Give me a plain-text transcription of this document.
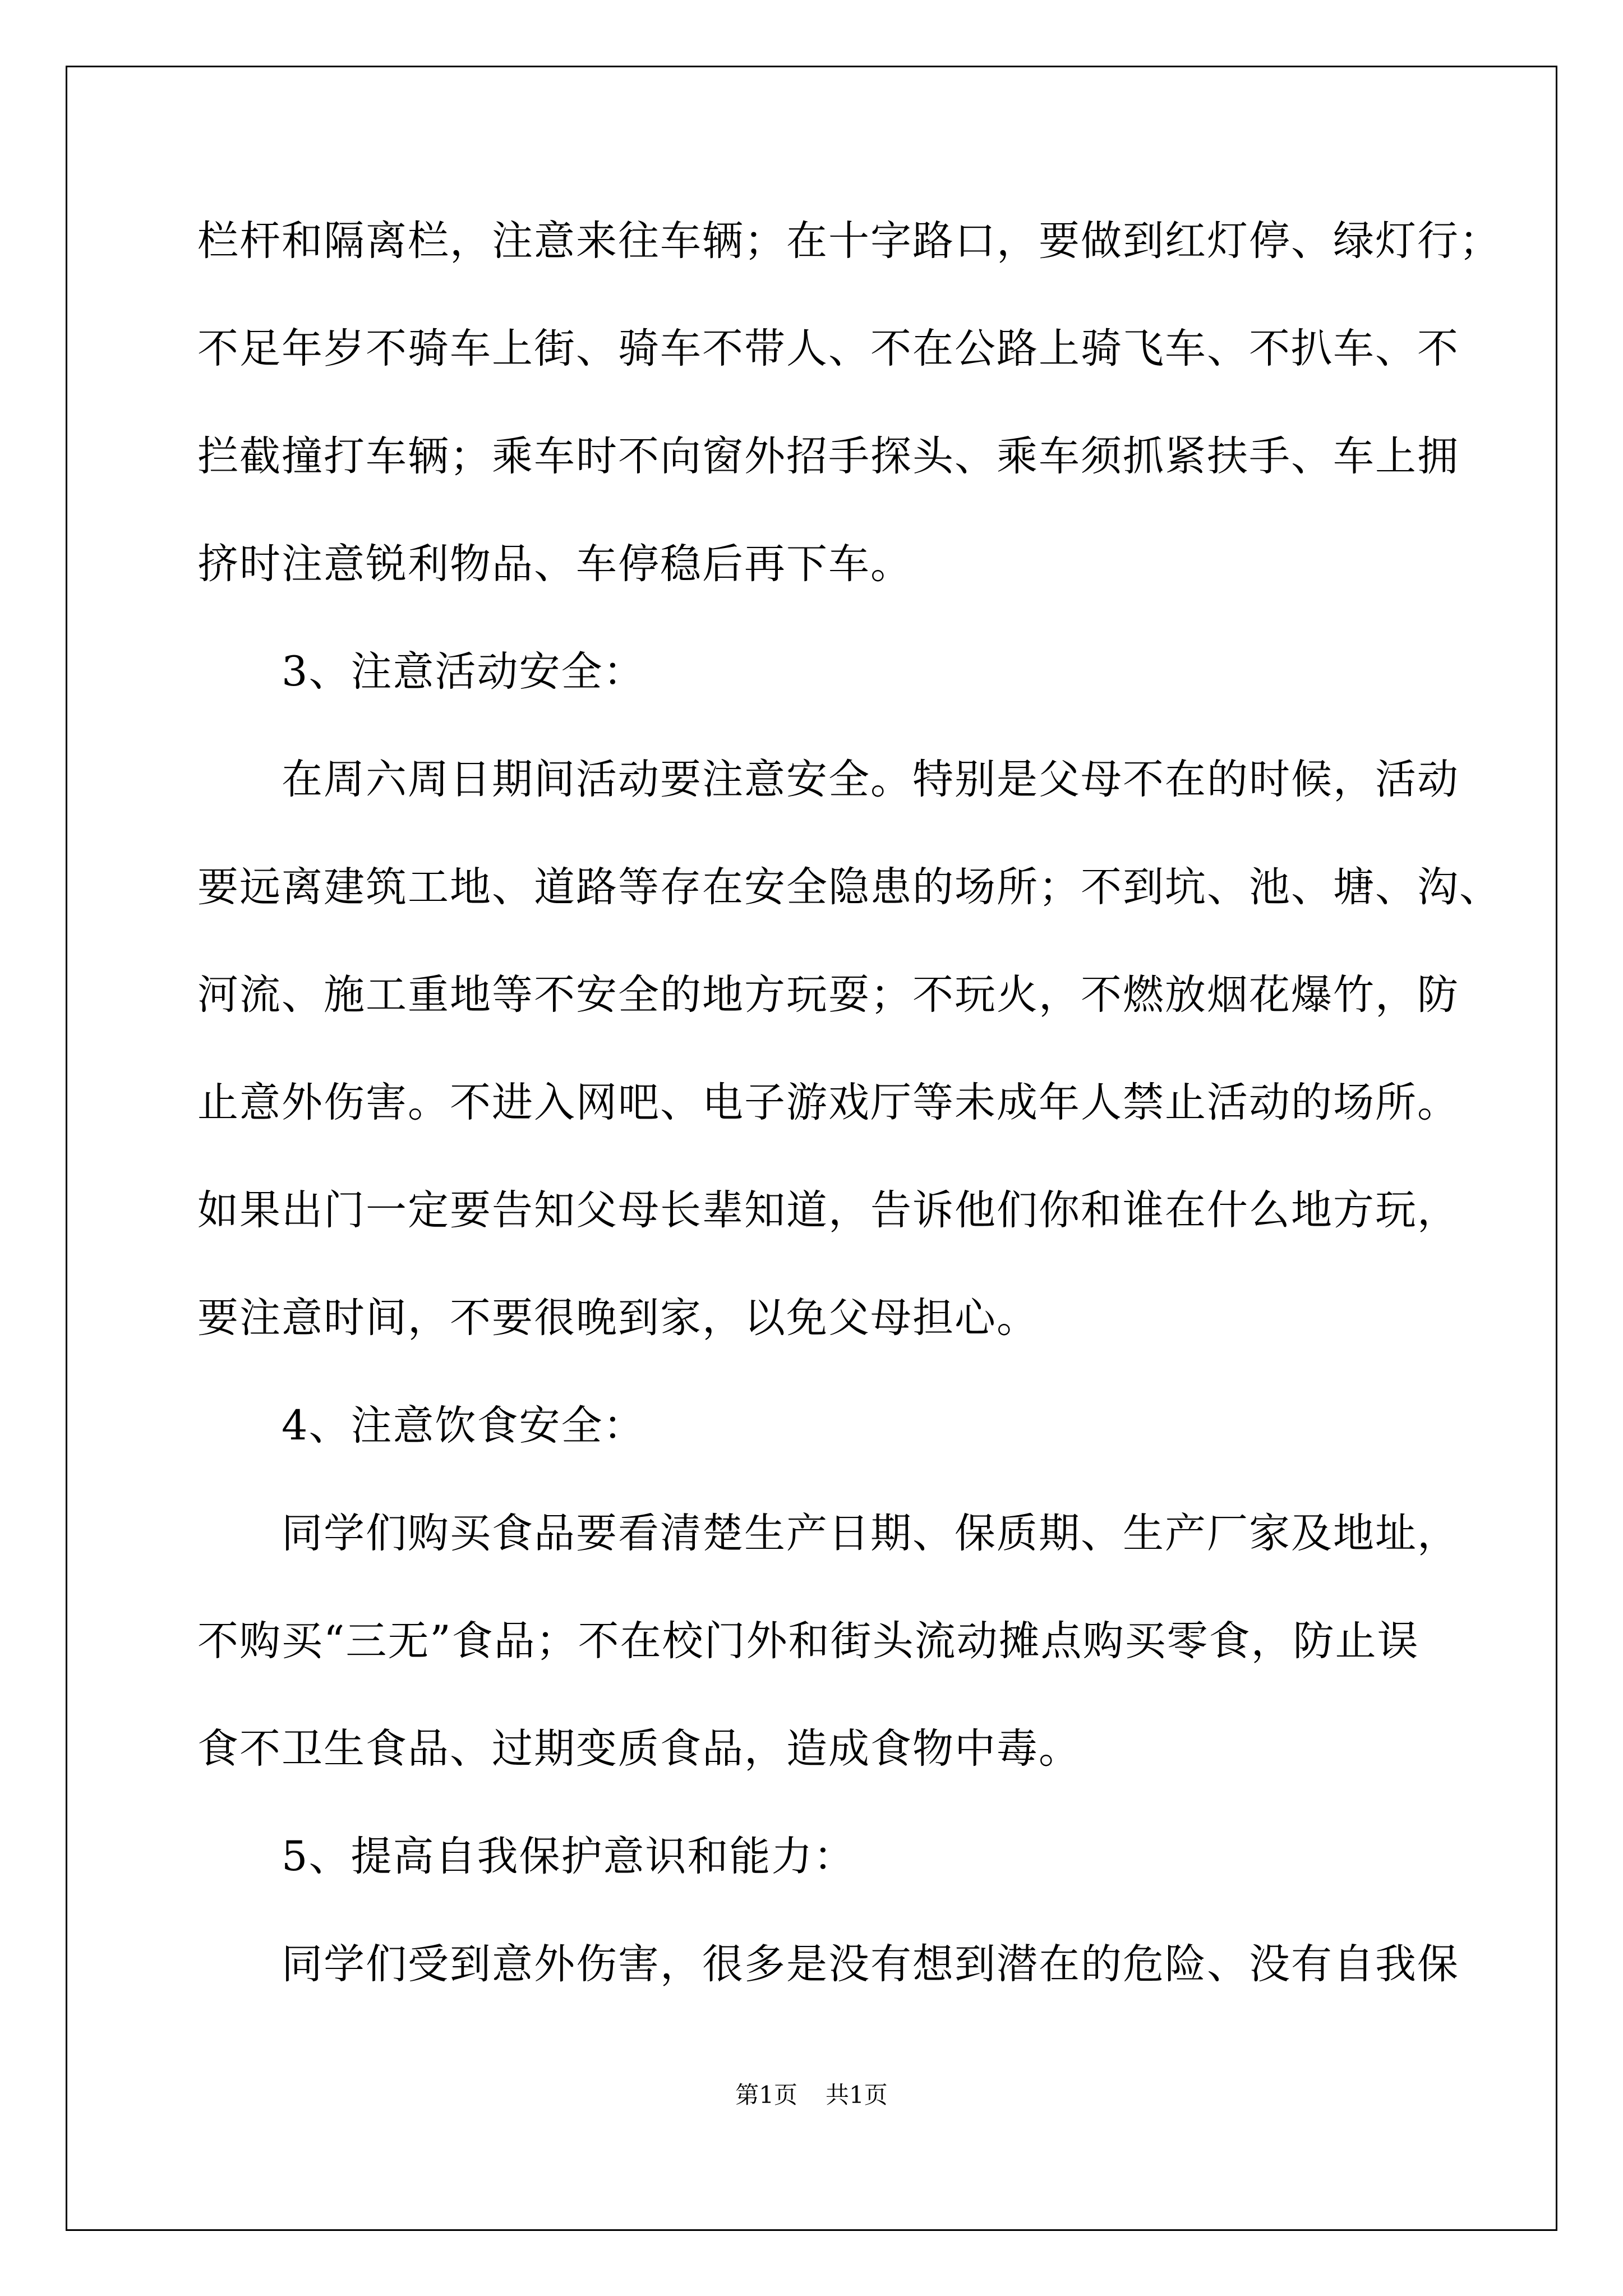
栏杆和隔离栏，注意来往车辆；在十字路口，要做到红灯停、绿灯行；
不足年岁不骑车上街、骑车不带人、不在公路上骑飞车、不扒车、不
拦截撞打车辆；乘车时不向窗外招手探头、乘车须抓紧扶手、车上拥
挤时注意锐利物品、车停稳后再下车。
3、注意活动安全：
在周六周日期间活动要注意安全。特别是父母不在的时候，活动
要远离建筑工地、道路等存在安全隐患的场所；不到坑、池、塘、沟、
河流、施工重地等不安全的地方玩耍；不玩火，不燃放烟花爆竹，防
止意外伤害。不进入网吧、电子游戏厅等未成年人禁止活动的场所。
如果出门一定要告知父母长辈知道，告诉他们你和谁在什么地方玩，
要注意时间，不要很晚到家，以免父母担心。
4、注意饮食安全：
同学们购买食品要看清楚生产日期、保质期、生产厂家及地址，
不购买“三无”食品；不在校门外和街头流动摊点购买零食，防止误
食不卫生食品、过期变质食品，造成食物中毒。
5、提高自我保护意识和能力：
同学们受到意外伤害，很多是没有想到潜在的危险、没有自我保
第1页 共1页
